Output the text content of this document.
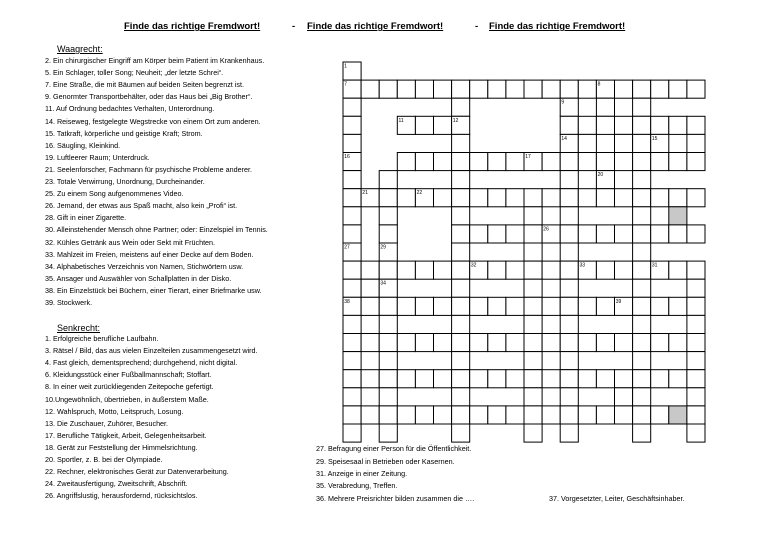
Finde das richtige Fremdwort!	- Finde das richtige Fremdwort!	- Finde das richtige Fremdwort!
Waagrecht:
2. Ein chirurgischer Eingriff am Körper beim Patient im Krankenhaus.
5. Ein Schlager, toller Song; Neuheit; „der letzte Schrei“.
7. Eine Straße, die mit Bäumen auf beiden Seiten begrenzt ist.
9. Genormter Transportbehälter, oder das Haus bei „Big Brother“.
11. Auf Ordnung bedachtes Verhalten, Unterordnung.
14. Reiseweg, festgelegte Wegstrecke von einem Ort zum anderen.
15. Tatkraft, körperliche und geistige Kraft; Strom.
16. Säugling, Kleinkind.
19. Luftleerer Raum; Unterdruck.
21. Seelenforscher, Fachmann für psychische Probleme anderer.
23. Totale Verwirrung, Unordnung, Durcheinander.
25. Zu einem Song aufgenommenes Video.
26. Jemand, der etwas aus Spaß macht, also kein „Profi“ ist.
28. Gift in einer Zigarette.
30. Alleinstehender Mensch ohne Partner; oder: Einzelspiel im Tennis.
32. Kühles Getränk aus Wein oder Sekt mit Früchten.
33. Mahlzeit im Freien, meistens auf einer Decke auf dem Boden.
34. Alphabetisches Verzeichnis von Namen, Stichwörtern usw.
35. Ansager und Auswähler von Schallplatten in der Disko.
38. Ein Einzelstück bei Büchern, einer Tierart, einer Briefmarke usw.
39. Stockwerk.
Senkrecht:
1. Erfolgreiche berufliche Laufbahn.
3. Rätsel / Bild, das aus vielen Einzelteilen zusammengesetzt wird.
4. Fast gleich, dementsprechend; durchgehend, nicht digital.
6. Kleidungsstück einer Fußballmannschaft; Stoffart.
8. In einer weit zurückliegenden Zeitepoche gefertigt.
10.Ungewöhnlich, übertrieben, in äußerstem Maße.
12. Wahlspruch, Motto, Leitspruch, Losung.
13. Die Zuschauer, Zuhörer, Besucher.
17. Berufliche Tätigkeit, Arbeit, Gelegenheitsarbeit.
18. Gerät zur Feststellung der Himmelsrichtung.
20. Sportler, z. B. bei der Olympiade.
22. Rechner, elektronisches Gerät zur Datenverarbeitung.
24. Zweitausfertigung, Zweitschrift, Abschrift.
26. Angriffslustig, herausfordernd, rücksichtslos.
27. Befragung einer Person für die Öffentlichkeit.
29. Speisesaal in Betrieben oder Kasernen.
31. Anzeige in einer Zeitung.
35. Verabredung, Treffen.
36. Mehrere Preisrichter bilden zusammen die ….	37. Vorgesetzter, Leiter, Geschäftsinhaber.
1
7	8
9
11	12
14	15
16	17
20
21	22
26
27	29
32	33	31
34
38	39
